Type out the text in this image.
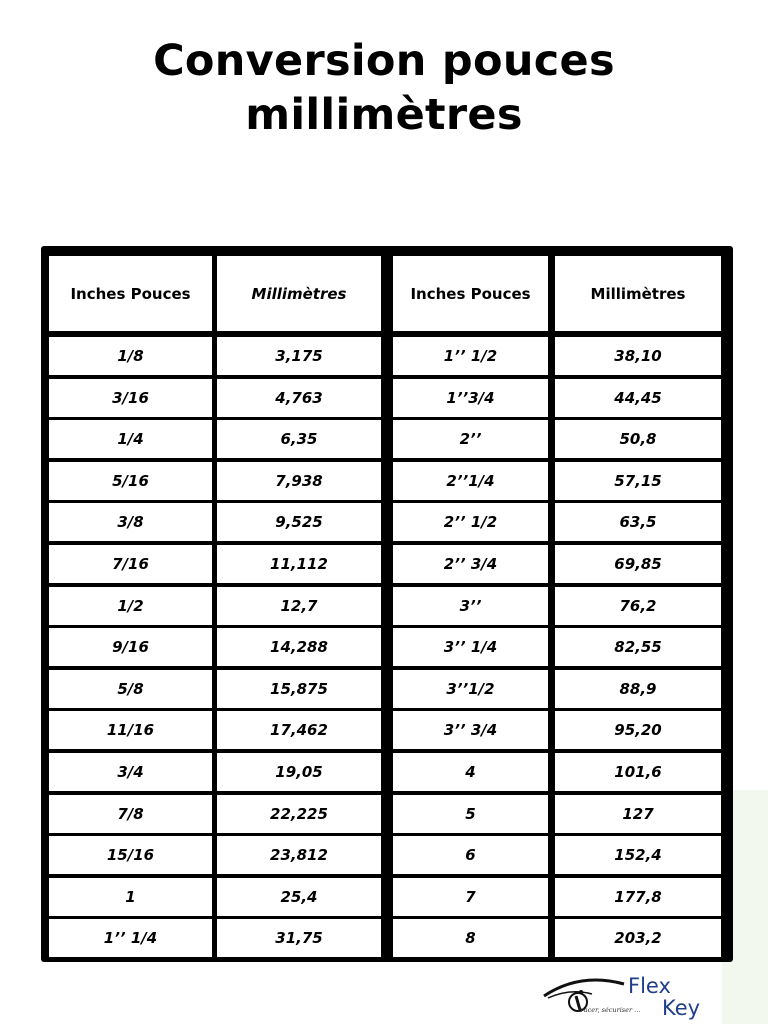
Conversion pouces
millimètres
Inches Pouces	Millimètres	Inches Pouces	Millimètres
1/8	3,175	1’’ 1/2	38,10
3/16	4,763	1’’3/4	44,45
1/4	6,35	2’’	50,8
5/16	7,938	2’’1/4	57,15
3/8	9,525	2’’ 1/2	63,5
7/16	11,112	2’’ 3/4	69,85
1/2	12,7	3’’	76,2
9/16	14,288	3’’ 1/4	82,55
5/8	15,875	3’’1/2	88,9
11/16	17,462	3’’ 3/4	95,20
3/4	19,05	4	101,6
7/8	22,225	5	127
15/16	23,812	6	152,4
1	25,4	7	177,8
1’’ 1/4	31,75	8	203,2
Flex
Key
tracer, sécuriser ...
